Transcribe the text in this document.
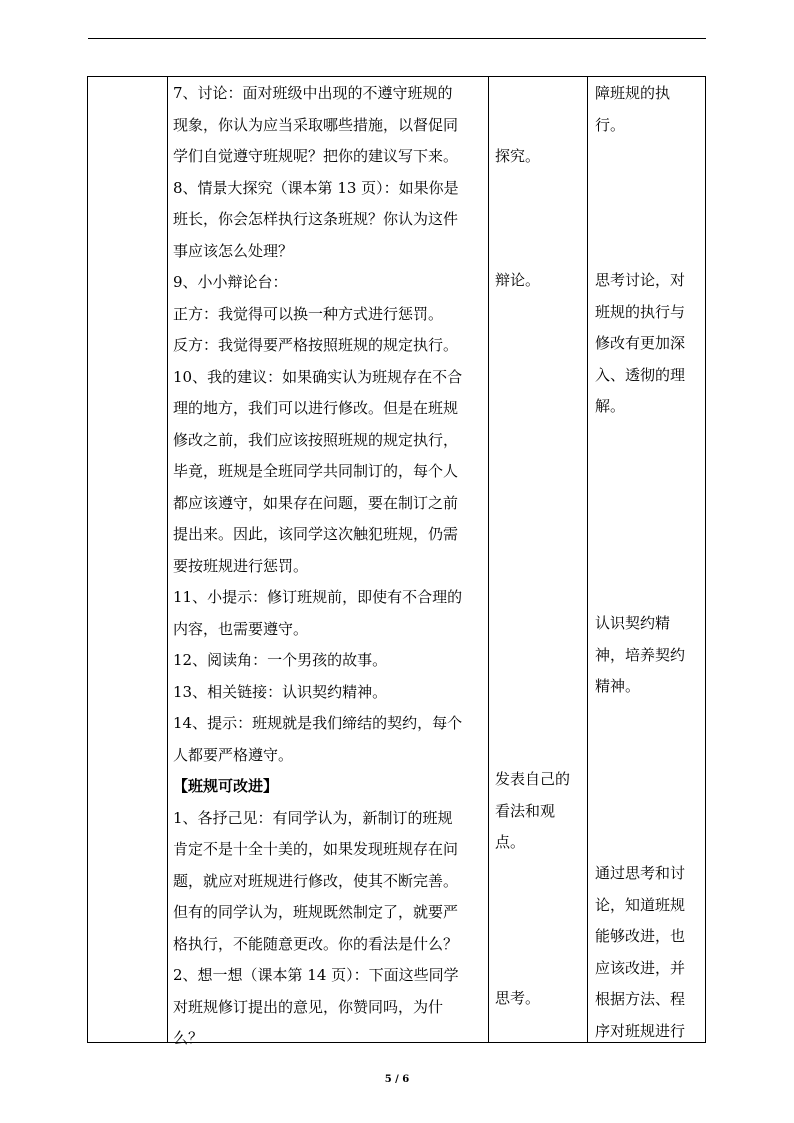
7、讨论：面对班级中出现的不遵守班规的
现象，你认为应当采取哪些措施，以督促同
学们自觉遵守班规呢？把你的建议写下来。
8、情景大探究（课本第 13 页）：如果你是
班长，你会怎样执行这条班规？你认为这件
事应该怎么处理？
9、小小辩论台：
正方：我觉得可以换一种方式进行惩罚。
反方：我觉得要严格按照班规的规定执行。
10、我的建议：如果确实认为班规存在不合
理的地方，我们可以进行修改。但是在班规
修改之前，我们应该按照班规的规定执行，
毕竟，班规是全班同学共同制订的，每个人
都应该遵守，如果存在问题，要在制订之前
提出来。因此，该同学这次触犯班规，仍需
要按班规进行惩罚。
11、小提示：修订班规前，即使有不合理的
内容，也需要遵守。
12、阅读角：一个男孩的故事。
13、相关链接：认识契约精神。
14、提示：班规就是我们缔结的契约，每个
人都要严格遵守。
【班规可改进】
1、各抒己见：有同学认为，新制订的班规
肯定不是十全十美的，如果发现班规存在问
题，就应对班规进行修改，使其不断完善。
但有的同学认为，班规既然制定了，就要严
格执行，不能随意更改。你的看法是什么？
2、想一想（课本第 14 页）：下面这些同学
对班规修订提出的意见，你赞同吗，为什
么？
探究。
辩论。
发表自己的
看法和观
点。
思考。
障班规的执
行。
思考讨论，对
班规的执行与
修改有更加深
入、透彻的理
解。
认识契约精
神，培养契约
精神。
通过思考和讨
论，知道班规
能够改进，也
应该改进，并
根据方法、程
序对班规进行
5 / 6
